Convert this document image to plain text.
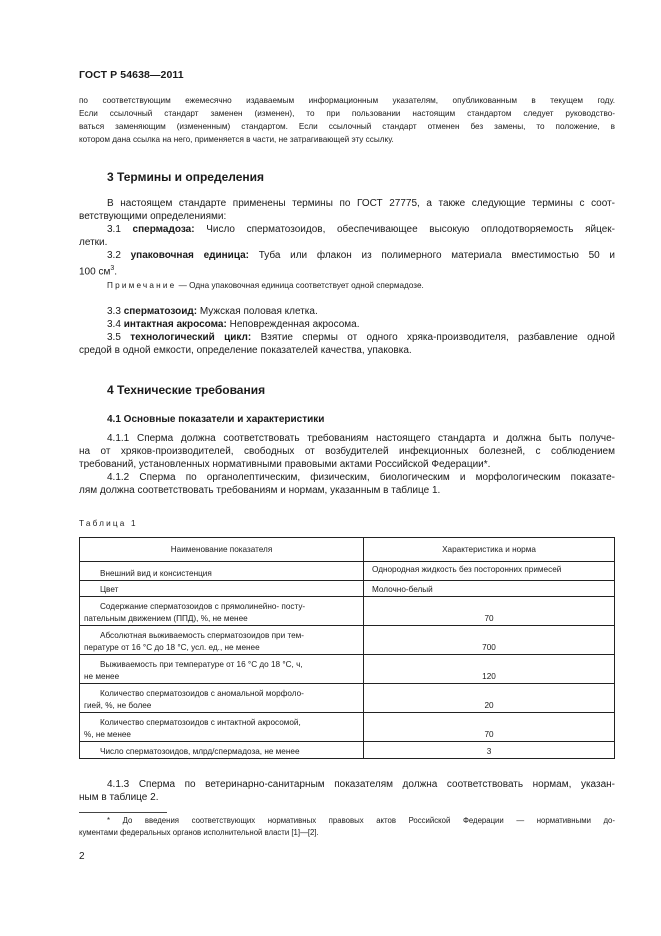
ГОСТ Р 54638—2011
по соответствующим ежемесячно издаваемым информационным указателям, опубликованным в текущем году.
Если ссылочный стандарт заменен (изменен), то при пользовании настоящим стандартом следует руководство-
ваться заменяющим (измененным) стандартом. Если ссылочный стандарт отменен без замены, то положение, в
котором дана ссылка на него, применяется в части, не затрагивающей эту ссылку.
3 Термины и определения
В настоящем стандарте применены термины по ГОСТ 27775, а также следующие термины с соот-
ветствующими определениями:
3.1 спермадоза: Число сперматозоидов, обеспечивающее высокую оплодотворяемость яйцек-
летки.
3.2 упаковочная единица: Туба или флакон из полимерного материала вместимостью 50 и
100 $см^3$.
Примечание — Одна упаковочная единица соответствует одной спермадозе.
3.3 сперматозоид: Мужская половая клетка.
3.4 интактная акросома: Неповрежденная акросома.
3.5 технологический цикл: Взятие спермы от одного хряка-производителя, разбавление одной
средой в одной емкости, определение показателей качества, упаковка.
4 Технические требования
4.1 Основные показатели и характеристики
4.1.1 Сперма должна соответствовать требованиям настоящего стандарта и должна быть получе-
на от хряков-производителей, свободных от возбудителей инфекционных болезней, с соблюдением
требований, установленных нормативными правовыми актами Российской Федерации*.
4.1.2 Сперма по органолептическим, физическим, биологическим и морфологическим показате-
лям должна соответствовать требованиям и нормам, указанным в таблице 1.
Таблица 1
Наименование показателя	Характеристика и норма

Внешний вид и консистенция	Однородная жидкость без посторонних примесей

Цвет	Молочно-белый

Содержание сперматозоидов с прямолинейно- посту-
пательным движением (ППД), %, не менее	70

Абсолютная выживаемость сперматозоидов при тем-
пературе от 16 °С до 18 °С, усл. ед., не менее	700

Выживаемость при температуре от 16 °С до 18 °С, ч,
не менее	120

Количество сперматозоидов с аномальной морфоло-
гией, %, не более	20

Количество сперматозоидов с интактной акросомой,
%, не менее	70

Число сперматозоидов, млрд/спермадоза, не менее	3
4.1.3 Сперма по ветеринарно-санитарным показателям должна соответствовать нормам, указан-
ным в таблице 2.
* До введения соответствующих нормативных правовых актов Российской Федерации — нормативными до-
кументами федеральных органов исполнительной власти [1]—[2].
2
